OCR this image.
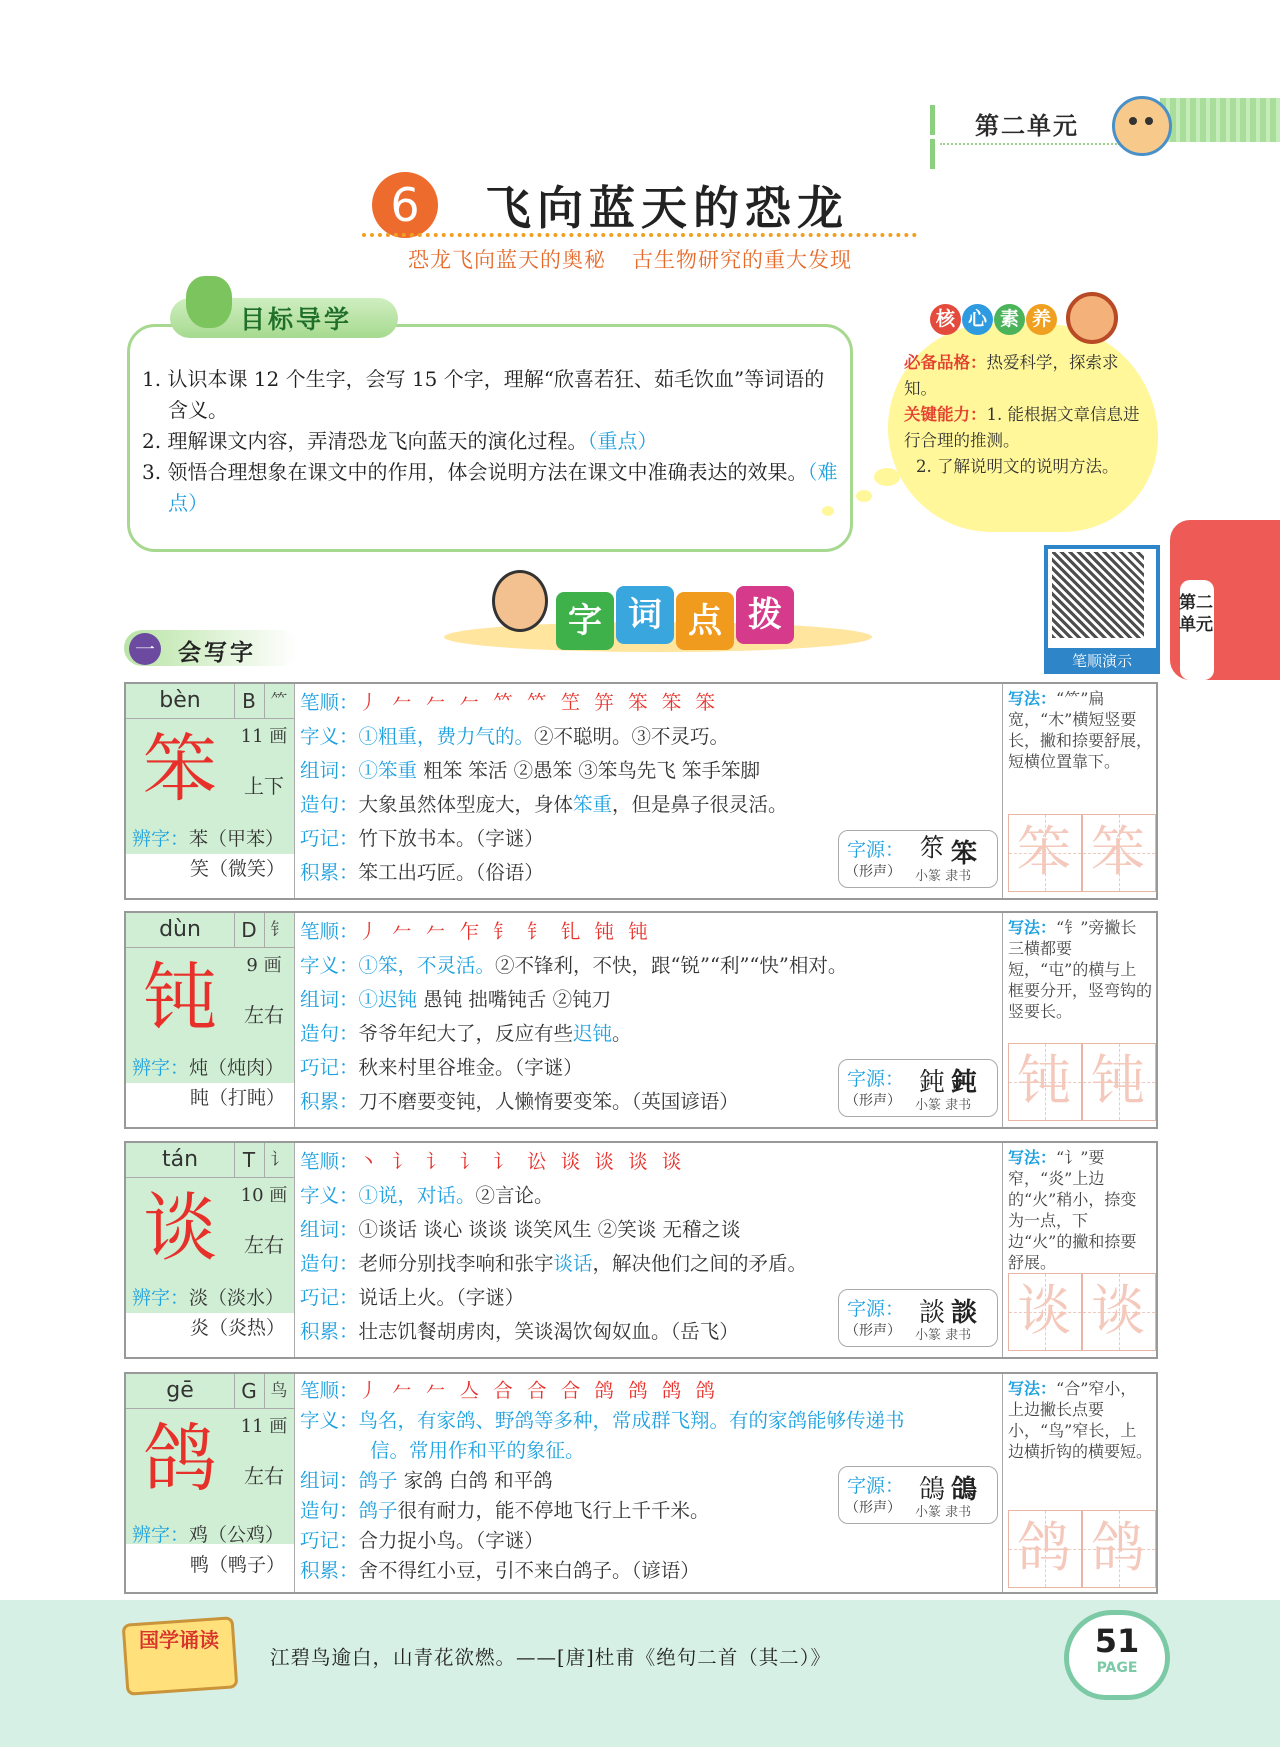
第二单元
6	飞向蓝天的恐龙
恐龙飞向蓝天的奥秘 古生物研究的重大发现
目标导学
1. 认识本课 12 个生字，会写 15 个字，理解“欣喜若狂、茹毛饮血”等词语的含义。
2. 理解课文内容，弄清恐龙飞向蓝天的演化过程。（重点）
3. 领悟合理想象在课文中的作用，体会说明方法在课文中准确表达的效果。（难点）
核 心 素 养
必备品格：热爱科学，探索求知。
关键能力：1. 能根据文章信息进行合理的推测。
2. 了解说明文的说明方法。
笔顺演示
第二单元
字 词 点 拨
一 会写字
bèn	B ⺮
笨	11 画
上下
辨字：苯（甲苯）
笑（微笑）
笔顺：丿 𠂉 𠂉 𠂉 𥫗 𥫗 笁 笄 笨 笨 笨
字义：①粗重，费力气的。②不聪明。③不灵巧。
组词：①笨重 粗笨 笨活 ②愚笨 ③笨鸟先飞 笨手笨脚
造句：大象虽然体型庞大，身体笨重，但是鼻子很灵活。
巧记：竹下放书本。（字谜）
积累：笨工出巧匠。（俗语）
字源：
（形声）
𥬞 笨
小篆 隶书
写法：“⺮”扁宽，“木”横短竖要长，撇和捺要舒展，短横位置靠下。
笨 笨
dùn	D 钅
钝	9 画
左右
辨字：炖（炖肉）
盹（打盹）
笔顺：丿 𠂉 𠂉 乍 钅 钅 钆 钝 钝
字义：①笨，不灵活。②不锋利，不快，跟“锐”“利”“快”相对。
组词：①迟钝 愚钝 拙嘴钝舌 ②钝刀
造句：爷爷年纪大了，反应有些迟钝。
巧记：秋来村里谷堆金。（字谜）
积累：刀不磨要变钝，人懒惰要变笨。（英国谚语）
字源：
（形声）
鈍 鈍
小篆 隶书
写法：“钅”旁撇长三横都要短，“屯”的横与上框要分开，竖弯钩的竖要长。
钝 钝
tán	T 讠
谈	10 画
左右
辨字：淡（淡水）
炎（炎热）
笔顺：丶 讠 讠 讠 讠 讼 谈 谈 谈 谈
字义：①说，对话。②言论。
组词：①谈话 谈心 谈谈 谈笑风生 ②笑谈 无稽之谈
造句：老师分别找李响和张宇谈话，解决他们之间的矛盾。
巧记：说话上火。（字谜）
积累：壮志饥餐胡虏肉，笑谈渴饮匈奴血。（岳飞）
字源：
（形声）
談 談
小篆 隶书
写法：“讠”要窄，“炎”上边的“火”稍小，捺变为一点，下边“火”的撇和捺要舒展。
谈 谈
gē	G 鸟
鸽	11 画
左右
辨字：鸡（公鸡）
鸭（鸭子）
笔顺：丿 𠂉 𠂉 亼 合 合 合 鸽 鸽 鸽 鸽
字义：鸟名，有家鸽、野鸽等多种，常成群飞翔。有的家鸽能够传递书信。常用作和平的象征。
组词：鸽子 家鸽 白鸽 和平鸽
造句：鸽子很有耐力，能不停地飞行上千千米。
巧记：合力捉小鸟。（字谜）
积累：舍不得红小豆，引不来白鸽子。（谚语）
字源：
（形声）
鴿 鴿
小篆 隶书
写法：“合”窄小，上边撇长点要小，“鸟”窄长，上边横折钩的横要短。
鸽 鸽
国学诵读
江碧鸟逾白，山青花欲燃。——[唐]杜甫《绝句二首（其二）》	51
PAGE
